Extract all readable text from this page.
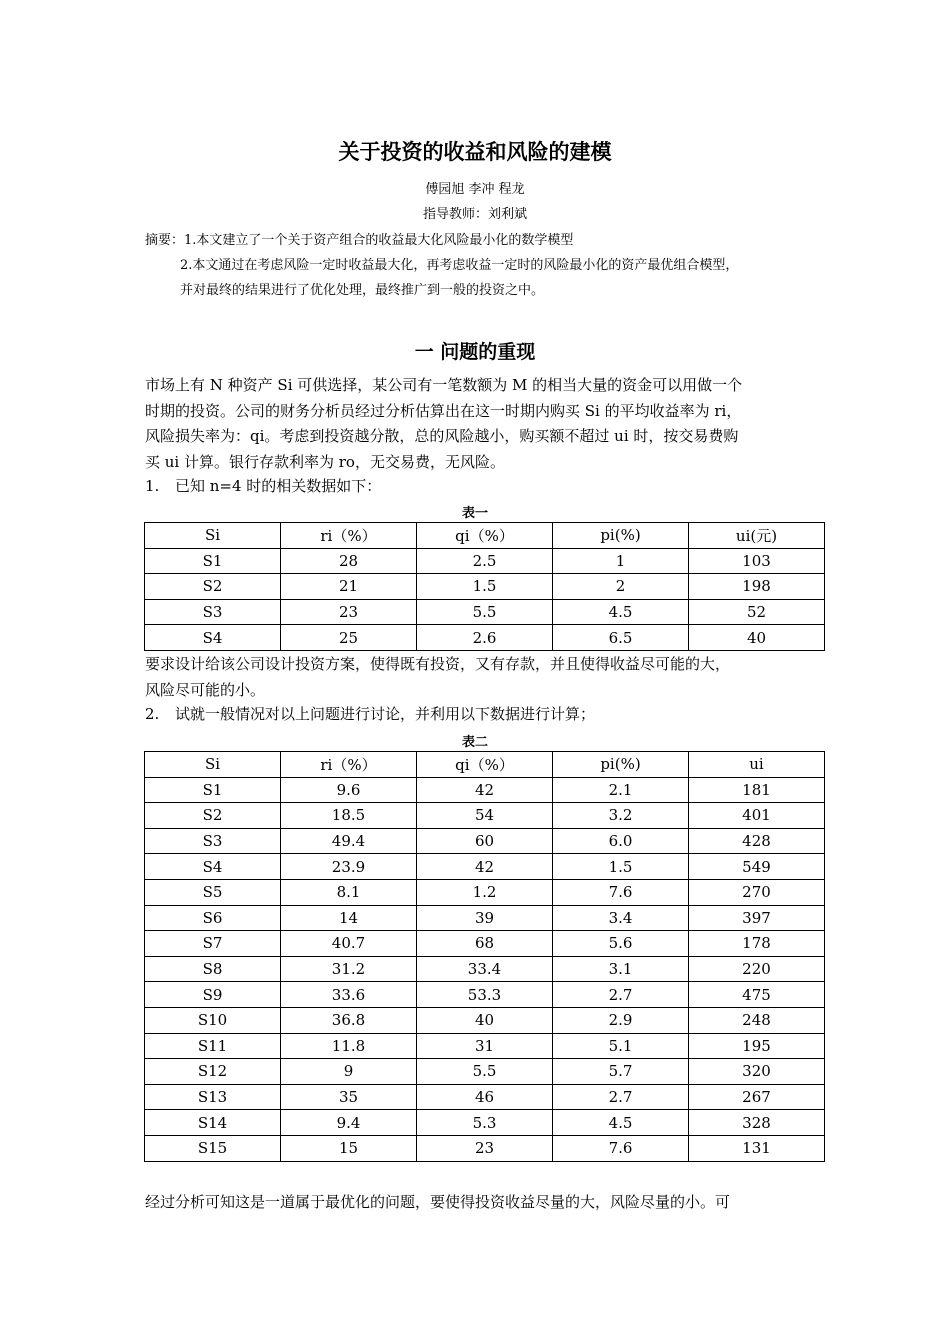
关于投资的收益和风险的建模
傅园旭 李冲 程龙
指导教师：刘利斌
摘要：1.本文建立了一个关于资产组合的收益最大化风险最小化的数学模型
2.本文通过在考虑风险一定时收益最大化，再考虑收益一定时的风险最小化的资产最优组合模型，
并对最终的结果进行了优化处理，最终推广到一般的投资之中。
一 问题的重现
市场上有 N 种资产 Si 可供选择，某公司有一笔数额为 M 的相当大量的资金可以用做一个
时期的投资。公司的财务分析员经过分析估算出在这一时期内购买 Si 的平均收益率为 ri，
风险损失率为：qi。考虑到投资越分散，总的风险越小，购买额不超过 ui 时，按交易费购
买 ui 计算。银行存款利率为 ro，无交易费，无风险。
1. 已知 n=4 时的相关数据如下：
表一
Si	ri（%）	qi（%）	pi(%)	ui(元)
S1	28	2.5	1	103
S2	21	1.5	2	198
S3	23	5.5	4.5	52
S4	25	2.6	6.5	40
要求设计给该公司设计投资方案，使得既有投资，又有存款，并且使得收益尽可能的大，
风险尽可能的小。
2. 试就一般情况对以上问题进行讨论，并利用以下数据进行计算；
表二
Si	ri（%）	qi（%）	pi(%)	ui
S1	9.6	42	2.1	181
S2	18.5	54	3.2	401
S3	49.4	60	6.0	428
S4	23.9	42	1.5	549
S5	8.1	1.2	7.6	270
S6	14	39	3.4	397
S7	40.7	68	5.6	178
S8	31.2	33.4	3.1	220
S9	33.6	53.3	2.7	475
S10	36.8	40	2.9	248
S11	11.8	31	5.1	195
S12	9	5.5	5.7	320
S13	35	46	2.7	267
S14	9.4	5.3	4.5	328
S15	15	23	7.6	131
经过分析可知这是一道属于最优化的问题，要使得投资收益尽量的大，风险尽量的小。可
